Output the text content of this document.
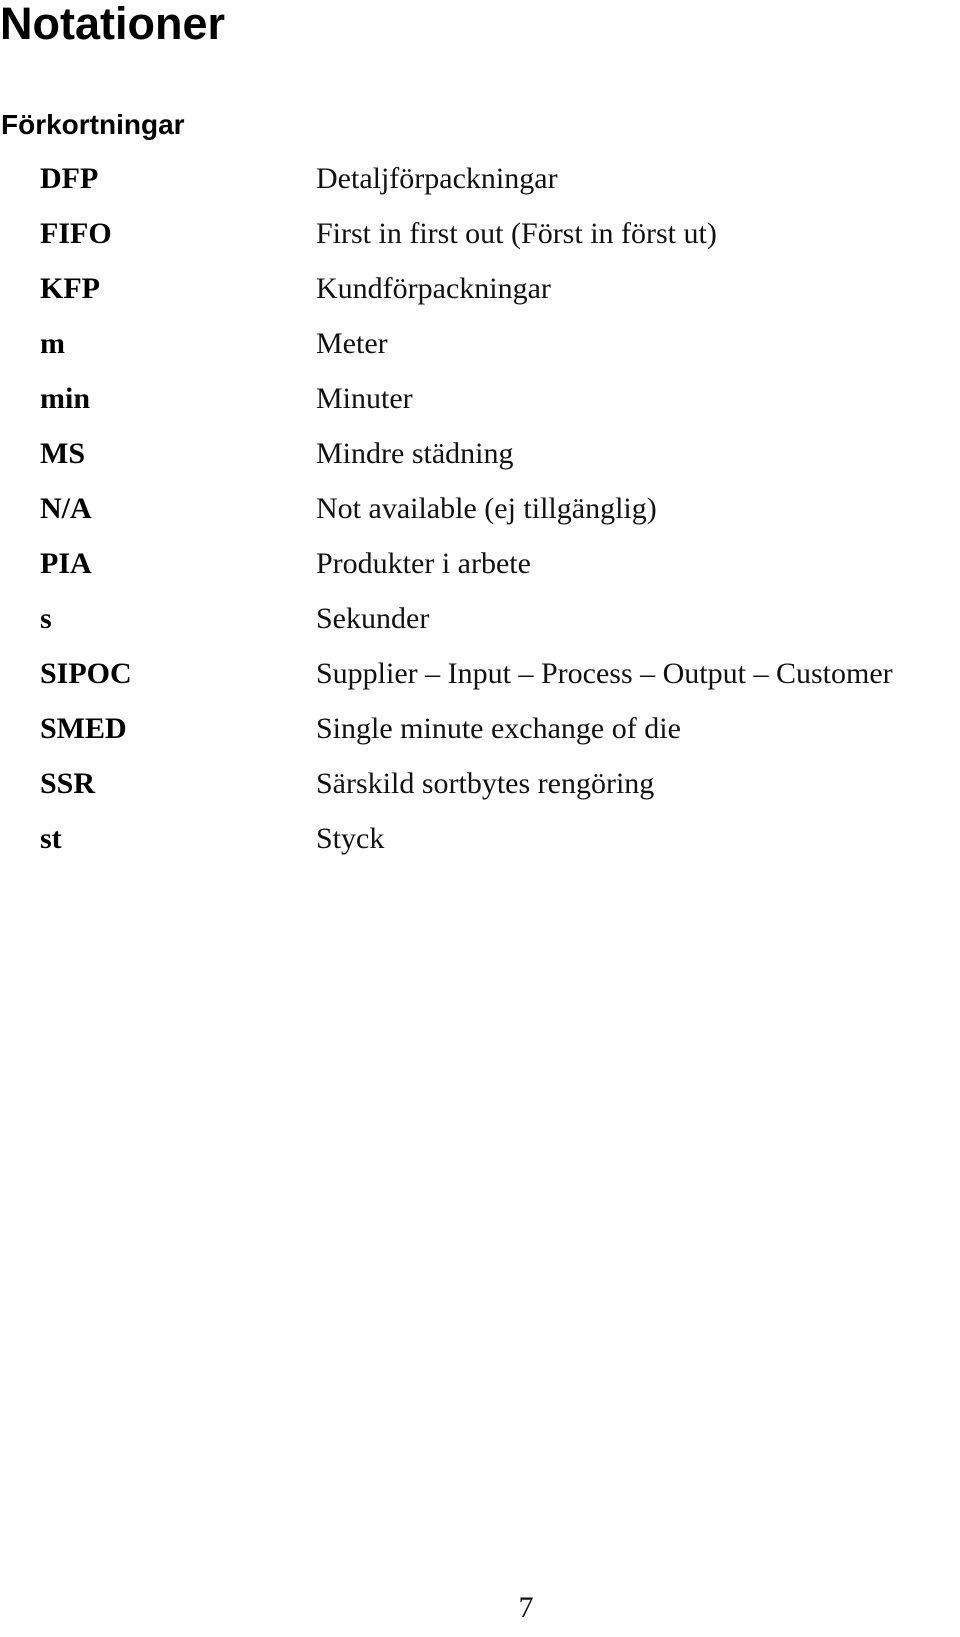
Notationer
Förkortningar
DFP	Detaljförpackningar
FIFO	First in first out (Först in först ut)
KFP	Kundförpackningar
m	Meter
min	Minuter
MS	Mindre städning
N/A	Not available (ej tillgänglig)
PIA	Produkter i arbete
s	Sekunder
SIPOC	Supplier – Input – Process – Output – Customer
SMED	Single minute exchange of die
SSR	Särskild sortbytes rengöring
st	Styck
7
